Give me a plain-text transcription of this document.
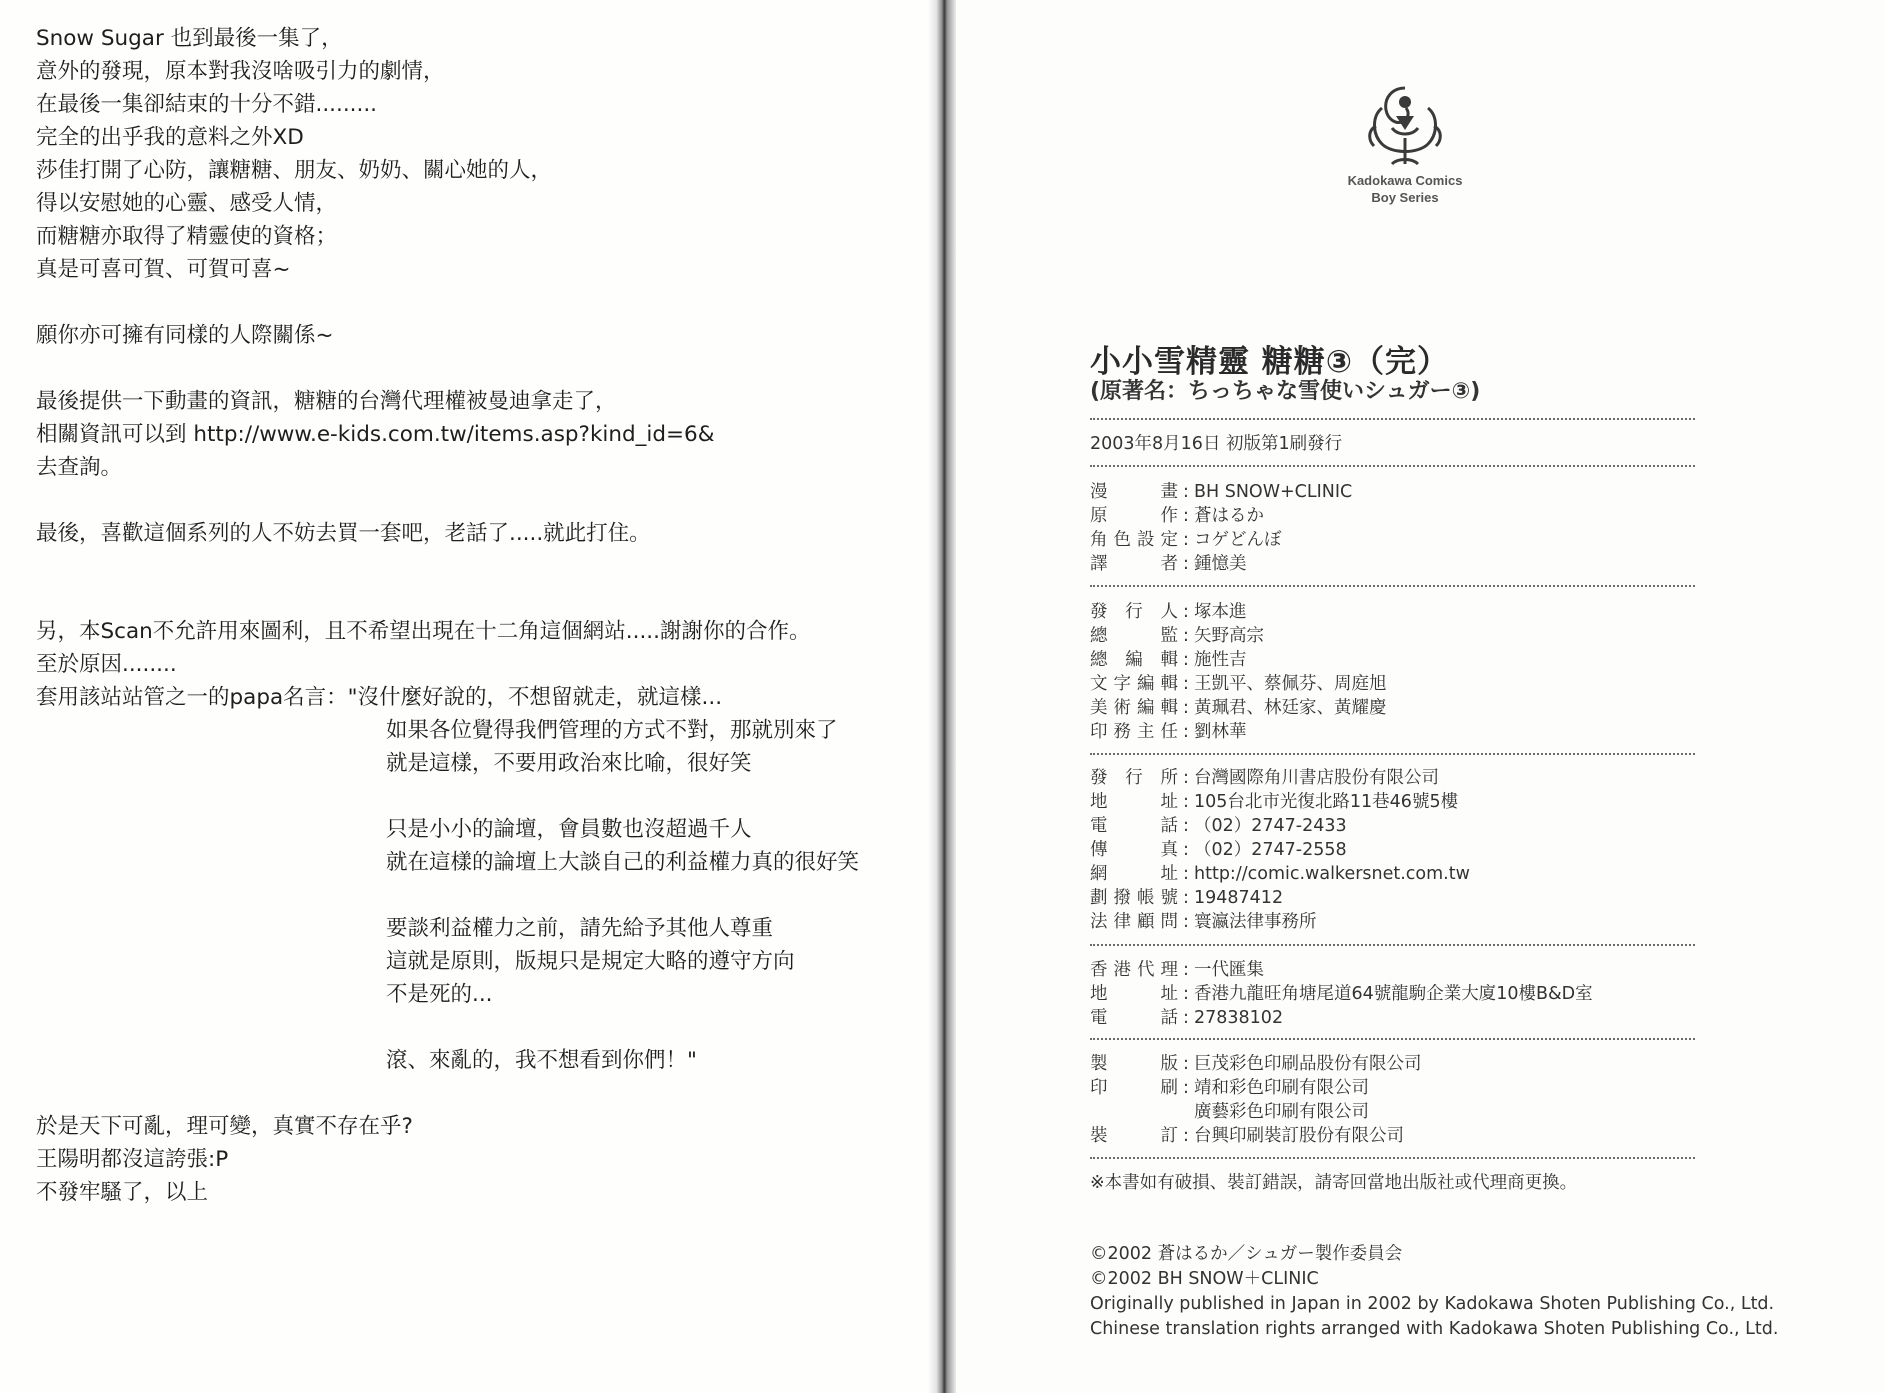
Snow Sugar 也到最後一集了，
意外的發現，原本對我沒啥吸引力的劇情，
在最後一集卻結束的十分不錯.........
完全的出乎我的意料之外XD
莎佳打開了心防，讓糖糖、朋友、奶奶、關心她的人，
得以安慰她的心靈、感受人情，
而糖糖亦取得了精靈使的資格；
真是可喜可賀、可賀可喜~
願你亦可擁有同樣的人際關係~
最後提供一下動畫的資訊，糖糖的台灣代理權被曼迪拿走了，
相關資訊可以到 http://www.e-kids.com.tw/items.asp?kind_id=6&
去查詢。
最後，喜歡這個系列的人不妨去買一套吧，老話了.....就此打住。
另，本Scan不允許用來圖利，且不希望出現在十二角這個網站.....謝謝你的合作。
至於原因........
套用該站站管之一的papa名言："沒什麼好說的，不想留就走，就這樣...
如果各位覺得我們管理的方式不對，那就別來了
就是這樣，不要用政治來比喻，很好笑
只是小小的論壇，會員數也沒超過千人
就在這樣的論壇上大談自己的利益權力真的很好笑
要談利益權力之前，請先給予其他人尊重
這就是原則，版規只是規定大略的遵守方向
不是死的...
滾、來亂的，我不想看到你們！"
於是天下可亂，理可變，真實不存在乎?
王陽明都沒這誇張:P
不發牢騷了，以上
Kadokawa Comics
Boy Series
小小雪精靈 糖糖③（完）
(原著名：ちっちゃな雪使いシュガー③)
2003年8月16日 初版第1刷發行
漫畫 : BH SNOW+CLINIC
原作 : 蒼はるか
角色設定 : コゲどんぼ
譯者 : 鍾憶美
發行人 : 塚本進
總監 : 矢野高宗
總編輯 : 施性吉
文字編輯 : 王凱平、蔡佩芬、周庭旭
美術編輯 : 黃珮君、林廷家、黃耀慶
印務主任 : 劉林華
發行所 : 台灣國際角川書店股份有限公司
地址 : 105台北市光復北路11巷46號5樓
電話 : （02）2747-2433
傳真 : （02）2747-2558
網址 : http://comic.walkersnet.com.tw
劃撥帳號 : 19487412
法律顧問 : 寰瀛法律事務所
香港代理 : 一代匯集
地址 : 香港九龍旺角塘尾道64號龍駒企業大廈10樓B&D室
電話 : 27838102
製版 : 巨茂彩色印刷品股份有限公司
印刷 : 靖和彩色印刷有限公司
廣藝彩色印刷有限公司
裝訂 : 台興印刷裝訂股份有限公司
※本書如有破損、裝訂錯誤，請寄回當地出版社或代理商更換。
©2002 蒼はるか／シュガー製作委員会
©2002 BH SNOW＋CLINIC
Originally published in Japan in 2002 by Kadokawa Shoten Publishing Co., Ltd.
Chinese translation rights arranged with Kadokawa Shoten Publishing Co., Ltd.
